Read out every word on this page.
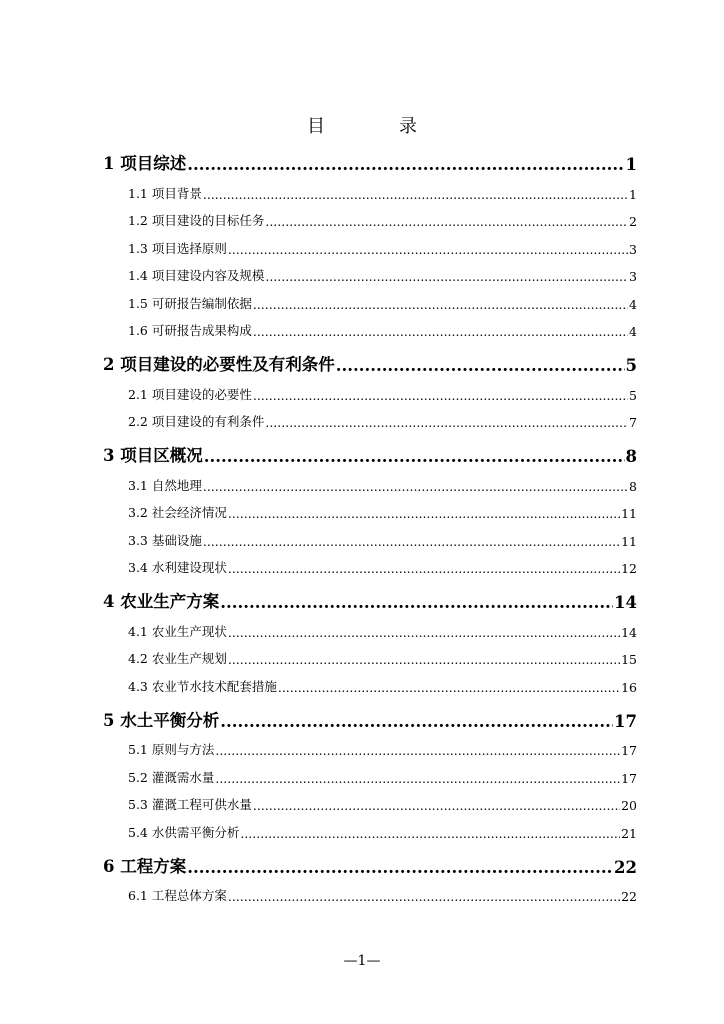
目　录
1 项目综述 .....	1
1.1 项目背景 .....	1
1.2 项目建设的目标任务 .....	2
1.3 项目选择原则 .....	3
1.4 项目建设内容及规模 .....	3
1.5 可研报告编制依据 .....	4
1.6 可研报告成果构成 .....	4
2 项目建设的必要性及有利条件 .....	5
2.1 项目建设的必要性 .....	5
2.2 项目建设的有利条件 .....	7
3 项目区概况 .....	8
3.1 自然地理 .....	8
3.2 社会经济情况 .....	11
3.3 基础设施 .....	11
3.4 水利建设现状 .....	12
4 农业生产方案 .....	14
4.1 农业生产现状 .....	14
4.2 农业生产规划 .....	15
4.3 农业节水技术配套措施 .....	16
5 水土平衡分析 .....	17
5.1 原则与方法 .....	17
5.2 灌溉需水量 .....	17
5.3 灌溉工程可供水量 .....	20
5.4 水供需平衡分析 .....	21
6 工程方案 .....	22
6.1 工程总体方案 .....	22
—1—
